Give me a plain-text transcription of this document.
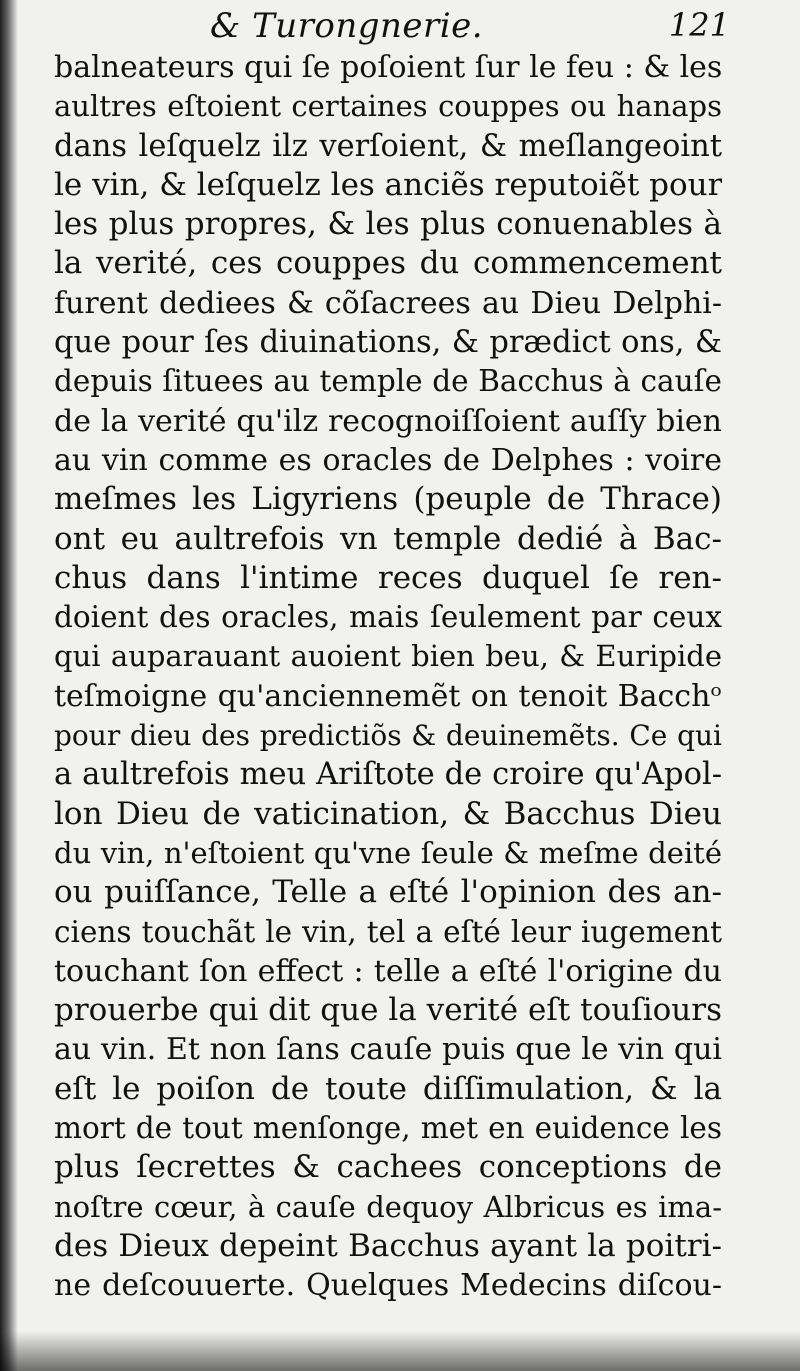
& Turongnerie.	121
balneateurs qui ſe poſoient ſur le feu : & les
aultres eſtoient certaines couppes ou hanaps
dans leſquelz ilz verſoient, & meſlangeoint
le vin, & leſquelz les anciẽs reputoiẽt pour
les plus propres, & les plus conuenables à
la verité, ces couppes du commencement
furent dediees & cõſacrees au Dieu Delphi-
que pour ſes diuinations, & prædict ons, &
depuis ſituees au temple de Bacchus à cauſe
de la verité qu'ilz recognoiſſoient auſſy bien
au vin comme es oracles de Delphes : voire
meſmes les Ligyriens (peuple de Thrace)
ont eu aultrefois vn temple dedié à Bac-
chus dans l'intime reces duquel ſe ren-
doient des oracles, mais ſeulement par ceux
qui auparauant auoient bien beu, & Euripide
teſmoigne qu'anciennemẽt on tenoit Bacchᵒ
pour dieu des predictiõs & deuinemẽts. Ce qui
a aultrefois meu Ariſtote de croire qu'Apol-
lon Dieu de vaticination, & Bacchus Dieu
du vin, n'eſtoient qu'vne ſeule & meſme deité
ou puiſſance, Telle a eſté l'opinion des an-
ciens touchãt le vin, tel a eſté leur iugement
touchant ſon effect : telle a eſté l'origine du
prouerbe qui dit que la verité eſt touſiours
au vin. Et non ſans cauſe puis que le vin qui
eſt le poiſon de toute diſſimulation, & la
mort de tout menſonge, met en euidence les
plus ſecrettes & cachees conceptions de
noſtre cœur, à cauſe dequoy Albricus es ima-
des Dieux depeint Bacchus ayant la poitri-
ne deſcouuerte. Quelques Medecins diſcou-
